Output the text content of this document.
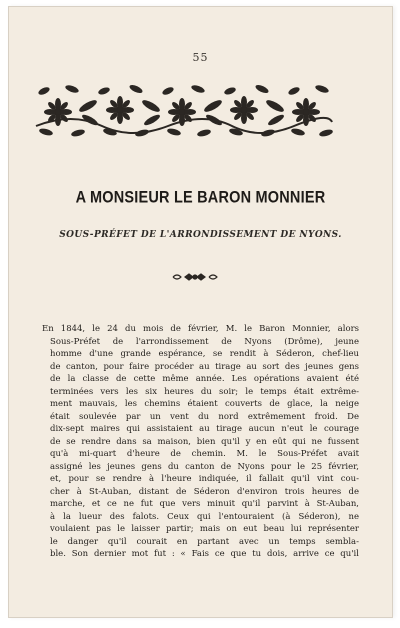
55
A MONSIEUR LE BARON MONNIER
SOUS-PRÉFET DE L'ARRONDISSEMENT DE NYONS.
En 1844, le 24 du mois de février, M. le Baron Monnier, alors
Sous-Préfet de l'arrondissement de Nyons (Drôme), jeune
homme d'une grande espérance, se rendit à Séderon, chef-lieu
de canton, pour faire procéder au tirage au sort des jeunes gens
de la classe de cette même année. Les opérations avaient été
terminées vers les six heures du soir; le temps était extrême-
ment mauvais, les chemins étaient couverts de glace, la neige
était soulevée par un vent du nord extrêmement froid. De
dix-sept maires qui assistaient au tirage aucun n'eut le courage
de se rendre dans sa maison, bien qu'il y en eût qui ne fussent
qu'à mi-quart d'heure de chemin. M. le Sous-Préfet avait
assigné les jeunes gens du canton de Nyons pour le 25 février,
et, pour se rendre à l'heure indiquée, il fallait qu'il vint cou-
cher à St-Auban, distant de Séderon d'environ trois heures de
marche, et ce ne fut que vers minuit qu'il parvint à St-Auban,
à la lueur des falots. Ceux qui l'entouraient (à Séderon), ne
voulaient pas le laisser partir; mais on eut beau lui représenter
le danger qu'il courait en partant avec un temps sembla-
ble. Son dernier mot fut : « Fais ce que tu dois, arrive ce qu'il
